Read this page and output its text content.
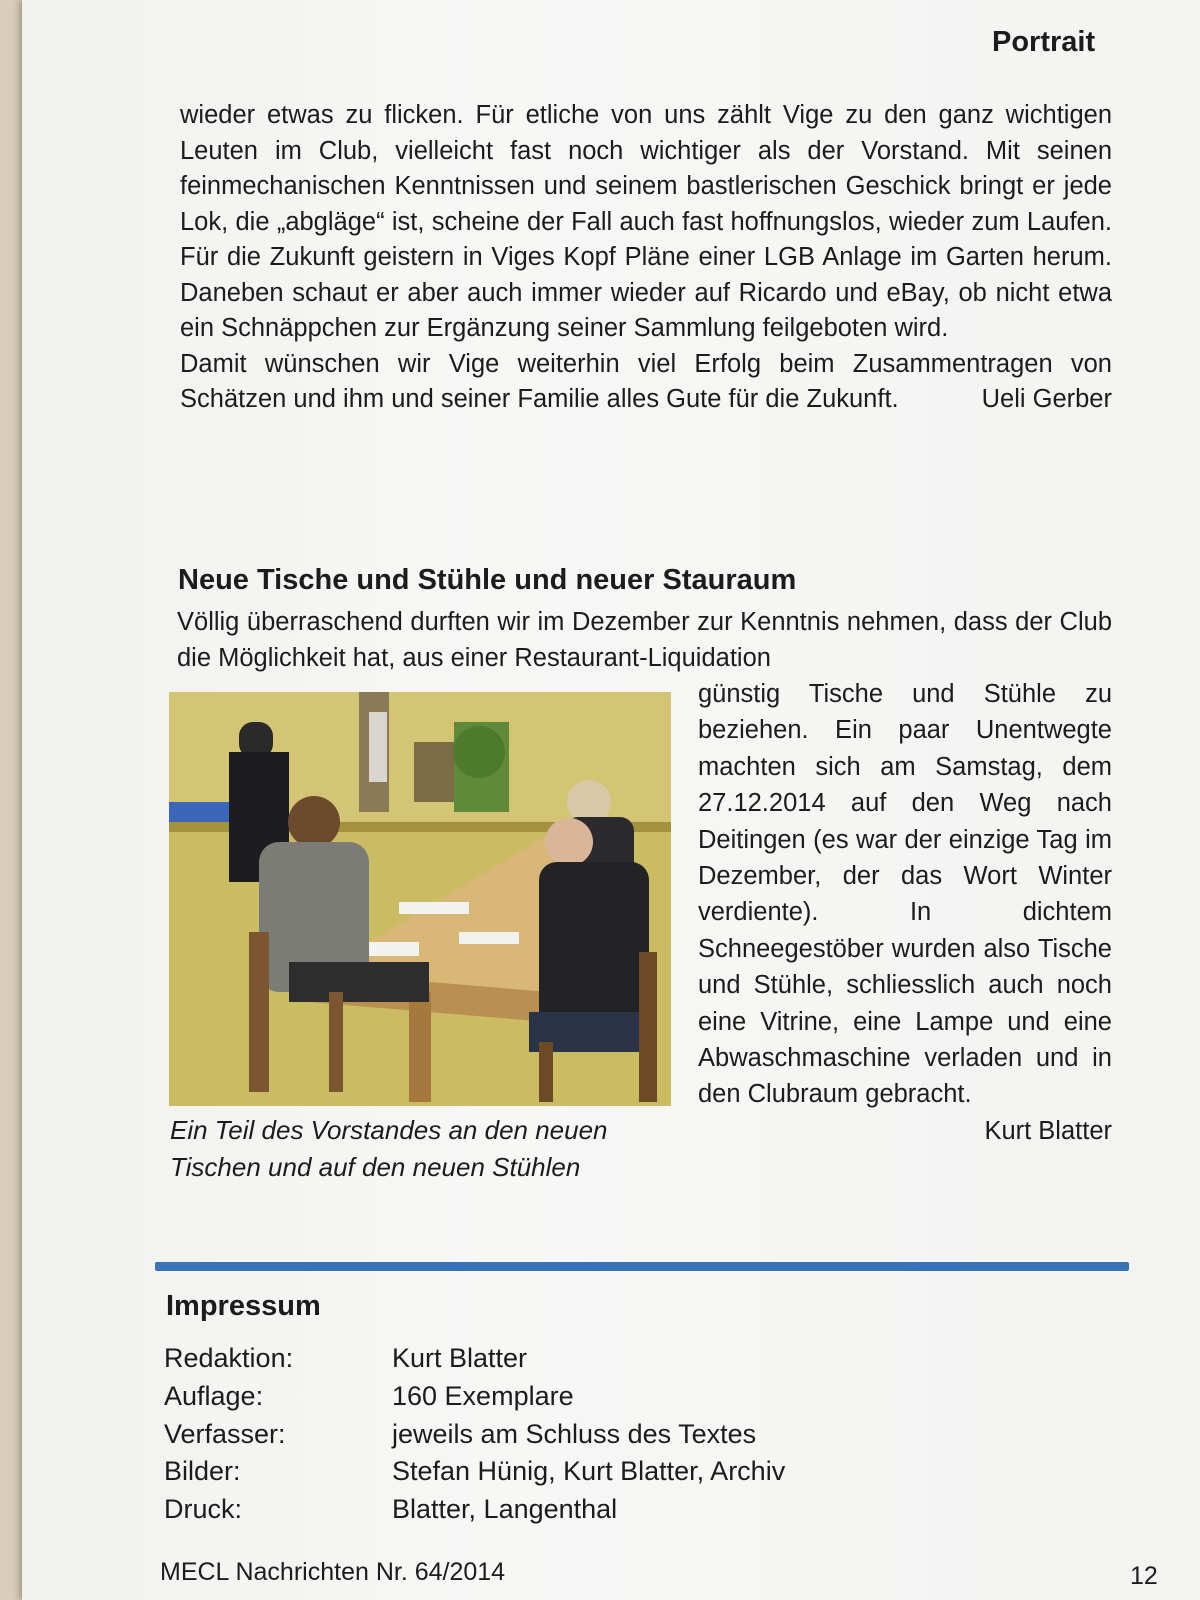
Portrait

wieder etwas zu flicken. Für etliche von uns zählt Vige zu den ganz wichtigen Leuten im Club, vielleicht fast noch wichtiger als der Vorstand. Mit seinen feinmechanischen Kenntnissen und seinem bastlerischen Geschick bringt er jede Lok, die „abgläge“ ist, scheine der Fall auch fast hoffnungslos, wieder zum Laufen. Für die Zukunft geistern in Viges Kopf Pläne einer LGB Anlage im Garten herum. Daneben schaut er aber auch immer wieder auf Ricardo und eBay, ob nicht etwa ein Schnäppchen zur Ergänzung seiner Sammlung feilgeboten wird.

Damit wünschen wir Vige weiterhin viel Erfolg beim Zusammentragen von Schätzen und ihm und seiner Familie alles Gute für die Zukunft.	Ueli Gerber
Neue Tische und Stühle und neuer Stauraum

Völlig überraschend durften wir im Dezember zur Kenntnis nehmen, dass der Club die Möglichkeit hat, aus einer Restaurant-Liquidation

Ein Teil des Vorstandes an den neuen Tischen und auf den neuen Stühlen

günstig Tische und Stühle zu beziehen. Ein paar Unentwegte machten sich am Samstag, dem 27.12.2014 auf den Weg nach Deitingen (es war der einzige Tag im Dezember, der das Wort Winter verdiente). In dichtem Schneegestöber wurden also Tische und Stühle, schliesslich auch noch eine Vitrine, eine Lampe und eine Abwaschmaschine verladen und in den Clubraum gebracht.

Kurt Blatter
Impressum
Redaktion:	Kurt Blatter
Auflage:	160 Exemplare
Verfasser:	jeweils am Schluss des Textes
Bilder:	Stefan Hünig, Kurt Blatter, Archiv
Druck:	Blatter, Langenthal
MECL Nachrichten Nr. 64/2014	12
